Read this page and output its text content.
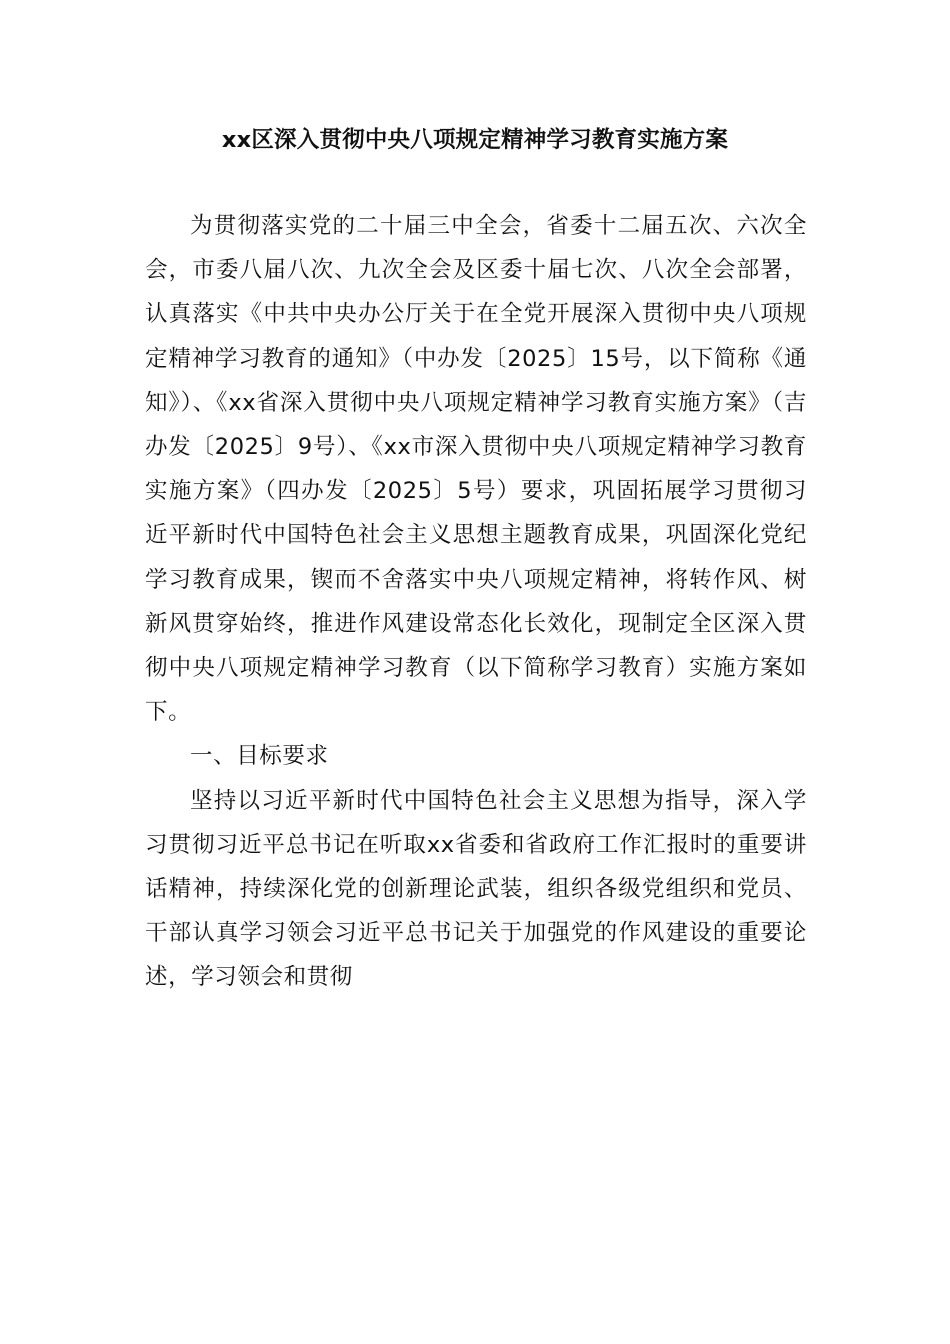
xx区深入贯彻中央八项规定精神学习教育实施方案

为贯彻落实党的二十届三中全会，省委十二届五次、六次全会，市委八届八次、九次全会及区委十届七次、八次全会部署，认真落实《中共中央办公厅关于在全党开展深入贯彻中央八项规定精神学习教育的通知》（中办发〔2025〕15号，以下简称《通知》）、《xx省深入贯彻中央八项规定精神学习教育实施方案》（吉办发〔2025〕9号）、《xx市深入贯彻中央八项规定精神学习教育实施方案》（四办发〔2025〕5号）要求，巩固拓展学习贯彻习近平新时代中国特色社会主义思想主题教育成果，巩固深化党纪学习教育成果，锲而不舍落实中央八项规定精神，将转作风、树新风贯穿始终，推进作风建设常态化长效化，现制定全区深入贯彻中央八项规定精神学习教育（以下简称学习教育）实施方案如下。

一、目标要求

坚持以习近平新时代中国特色社会主义思想为指导，深入学习贯彻习近平总书记在听取xx省委和省政府工作汇报时的重要讲话精神，持续深化党的创新理论武装，组织各级党组织和党员、干部认真学习领会习近平总书记关于加强党的作风建设的重要论述，学习领会和贯彻
